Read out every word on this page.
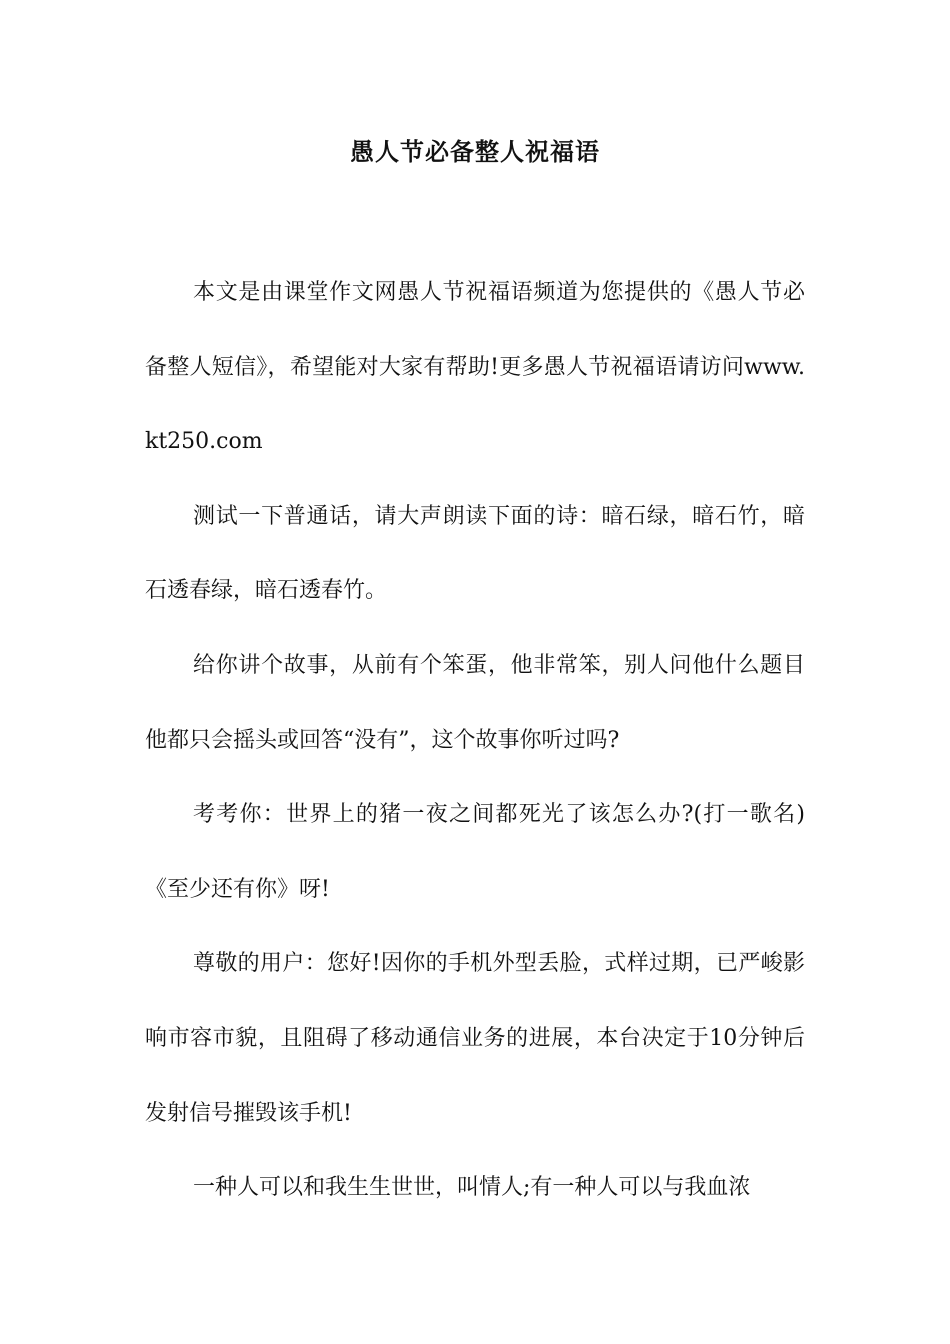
愚人节必备整人祝福语

本文是由课堂作文网愚人节祝福语频道为您提供的《愚人节必备整人短信》，希望能对大家有帮助!更多愚人节祝福语请访问www.kt250.com

测试一下普通话，请大声朗读下面的诗：暗石绿，暗石竹，暗石透春绿，暗石透春竹。

给你讲个故事，从前有个笨蛋，他非常笨，别人问他什么题目他都只会摇头或回答“没有”，这个故事你听过吗?

考考你：世界上的猪一夜之间都死光了该怎么办?(打一歌名)《至少还有你》呀!

尊敬的用户：您好!因你的手机外型丢脸，式样过期，已严峻影响市容市貌，且阻碍了移动通信业务的进展，本台决定于10分钟后发射信号摧毁该手机!

一种人可以和我生生世世，叫情人;有一种人可以与我血浓
